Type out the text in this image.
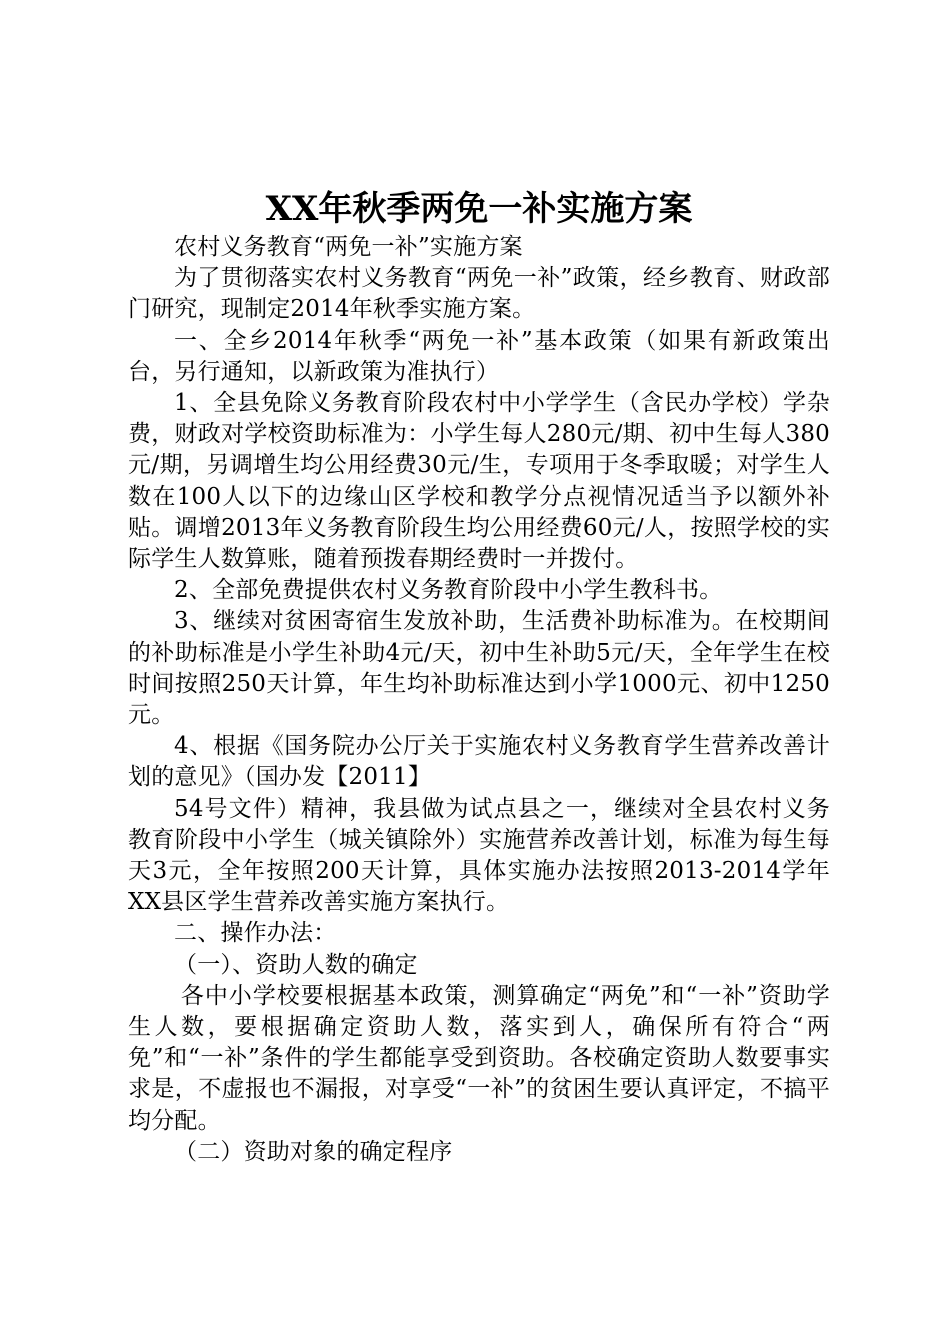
XX年秋季两免一补实施方案

农村义务教育“两免一补”实施方案

为了贯彻落实农村义务教育“两免一补”政策，经乡教育、财政部门研究，现制定2014年秋季实施方案。

一、全乡2014年秋季“两免一补”基本政策（如果有新政策出台，另行通知，以新政策为准执行）

1、全县免除义务教育阶段农村中小学学生（含民办学校）学杂费，财政对学校资助标准为：小学生每人280元/期、初中生每人380元/期，另调增生均公用经费30元/生，专项用于冬季取暖；对学生人数在100人以下的边缘山区学校和教学分点视情况适当予以额外补贴。调增2013年义务教育阶段生均公用经费60元/人，按照学校的实际学生人数算账，随着预拨春期经费时一并拨付。

2、全部免费提供农村义务教育阶段中小学生教科书。

3、继续对贫困寄宿生发放补助，生活费补助标准为。在校期间的补助标准是小学生补助4元/天，初中生补助5元/天，全年学生在校时间按照250天计算，年生均补助标准达到小学1000元、初中1250元。

4、根据《国务院办公厅关于实施农村义务教育学生营养改善计划的意见》（国办发【2011】

54号文件）精神，我县做为试点县之一，继续对全县农村义务教育阶段中小学生（城关镇除外）实施营养改善计划，标准为每生每天3元，全年按照200天计算，具体实施办法按照2013-2014学年XX县区学生营养改善实施方案执行。

二、操作办法：

（一）、资助人数的确定

各中小学校要根据基本政策，测算确定“两免”和“一补”资助学生人数，要根据确定资助人数，落实到人，确保所有符合“两免”和“一补”条件的学生都能享受到资助。各校确定资助人数要事实求是，不虚报也不漏报，对享受“一补”的贫困生要认真评定，不搞平均分配。

（二）资助对象的确定程序
